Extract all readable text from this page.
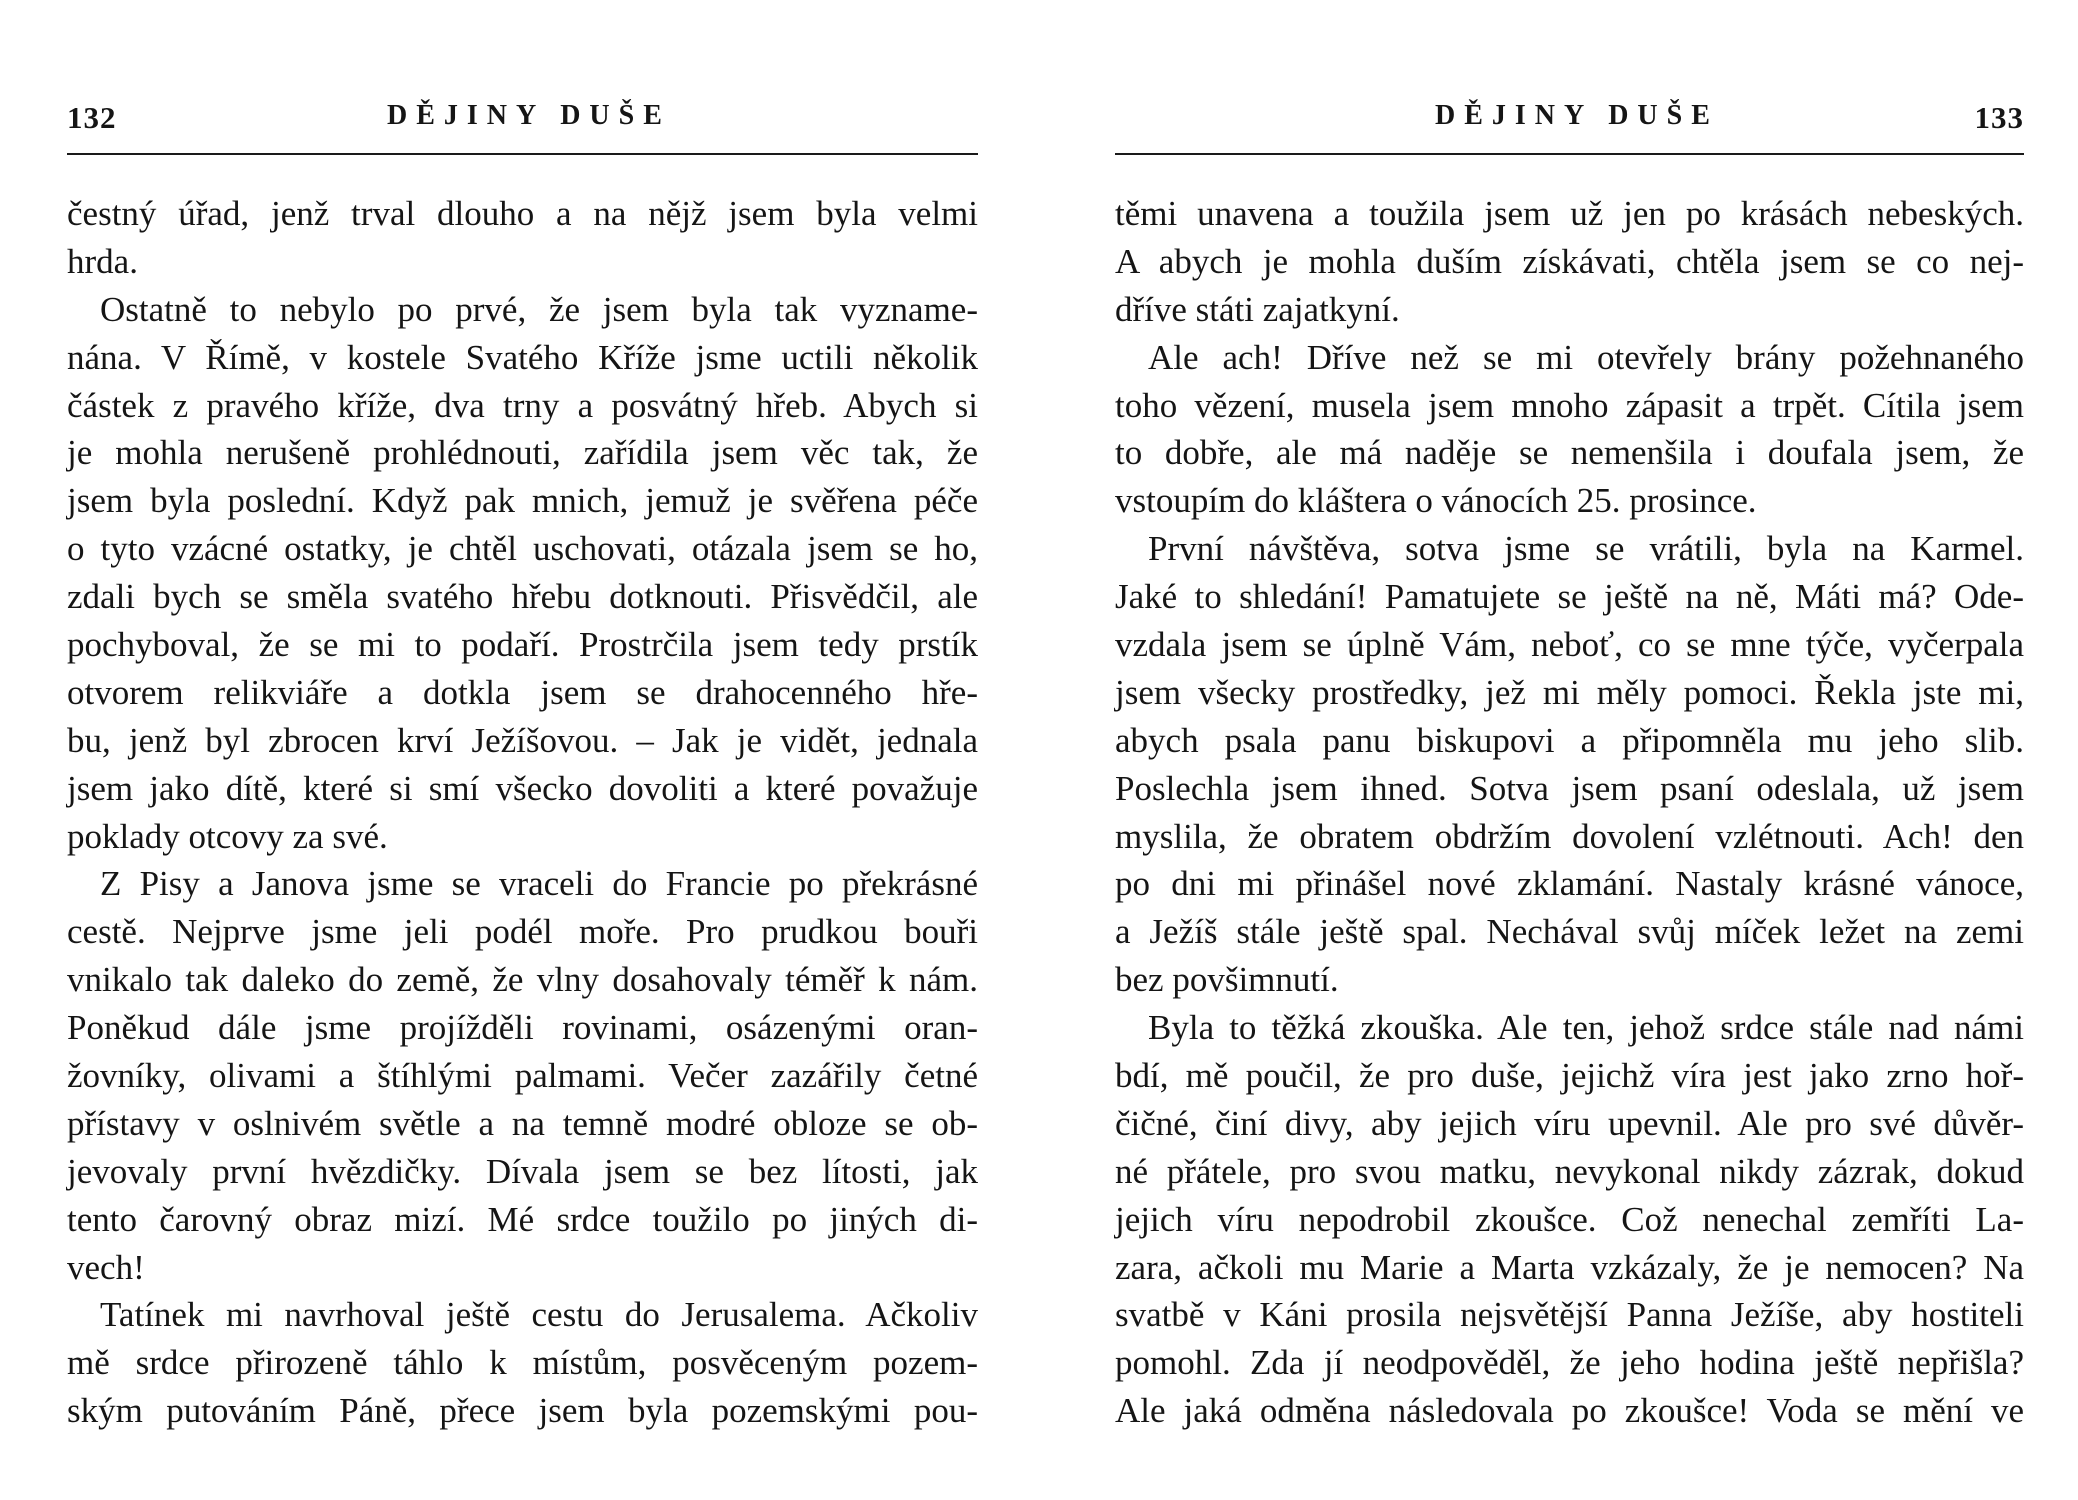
132	DĚJINY DUŠE
čestný úřad, jenž trval dlouho a na nějž jsem byla velmi
hrda.
Ostatně to nebylo po prvé, že jsem byla tak vyzname-
nána. V Římě, v kostele Svatého Kříže jsme uctili několik
částek z pravého kříže, dva trny a posvátný hřeb. Abych si
je mohla nerušeně prohlédnouti, zařídila jsem věc tak, že
jsem byla poslední. Když pak mnich, jemuž je svěřena péče
o tyto vzácné ostatky, je chtěl uschovati, otázala jsem se ho,
zdali bych se směla svatého hřebu dotknouti. Přisvědčil, ale
pochyboval, že se mi to podaří. Prostrčila jsem tedy prstík
otvorem relikviáře a dotkla jsem se drahocenného hře-
bu, jenž byl zbrocen krví Ježíšovou. – Jak je vidět, jednala
jsem jako dítě, které si smí všecko dovoliti a které považuje
poklady otcovy za své.
Z Pisy a Janova jsme se vraceli do Francie po překrásné
cestě. Nejprve jsme jeli podél moře. Pro prudkou bouři
vnikalo tak daleko do země, že vlny dosahovaly téměř k nám.
Poněkud dále jsme projížděli rovinami, osázenými oran-
žovníky, olivami a štíhlými palmami. Večer zazářily četné
přístavy v oslnivém světle a na temně modré obloze se ob-
jevovaly první hvězdičky. Dívala jsem se bez lítosti, jak
tento čarovný obraz mizí. Mé srdce toužilo po jiných di-
vech!
Tatínek mi navrhoval ještě cestu do Jerusalema. Ačkoliv
mě srdce přirozeně táhlo k místům, posvěceným pozem-
ským putováním Páně, přece jsem byla pozemskými pou-
DĚJINY DUŠE	133
těmi unavena a toužila jsem už jen po krásách nebeských.
A abych je mohla duším získávati, chtěla jsem se co nej-
dříve státi zajatkyní.
Ale ach! Dříve než se mi otevřely brány požehnaného
toho vězení, musela jsem mnoho zápasit a trpět. Cítila jsem
to dobře, ale má naděje se nemenšila i doufala jsem, že
vstoupím do kláštera o vánocích 25. prosince.
První návštěva, sotva jsme se vrátili, byla na Karmel.
Jaké to shledání! Pamatujete se ještě na ně, Máti má? Ode-
vzdala jsem se úplně Vám, neboť, co se mne týče, vyčerpala
jsem všecky prostředky, jež mi měly pomoci. Řekla jste mi,
abych psala panu biskupovi a připomněla mu jeho slib.
Poslechla jsem ihned. Sotva jsem psaní odeslala, už jsem
myslila, že obratem obdržím dovolení vzlétnouti. Ach! den
po dni mi přinášel nové zklamání. Nastaly krásné vánoce,
a Ježíš stále ještě spal. Nechával svůj míček ležet na zemi
bez povšimnutí.
Byla to těžká zkouška. Ale ten, jehož srdce stále nad námi
bdí, mě poučil, že pro duše, jejichž víra jest jako zrno hoř-
čičné, činí divy, aby jejich víru upevnil. Ale pro své důvěr-
né přátele, pro svou matku, nevykonal nikdy zázrak, dokud
jejich víru nepodrobil zkoušce. Což nenechal zemříti La-
zara, ačkoli mu Marie a Marta vzkázaly, že je nemocen? Na
svatbě v Káni prosila nejsvětější Panna Ježíše, aby hostiteli
pomohl. Zda jí neodpověděl, že jeho hodina ještě nepřišla?
Ale jaká odměna následovala po zkoušce! Voda se mění ve
